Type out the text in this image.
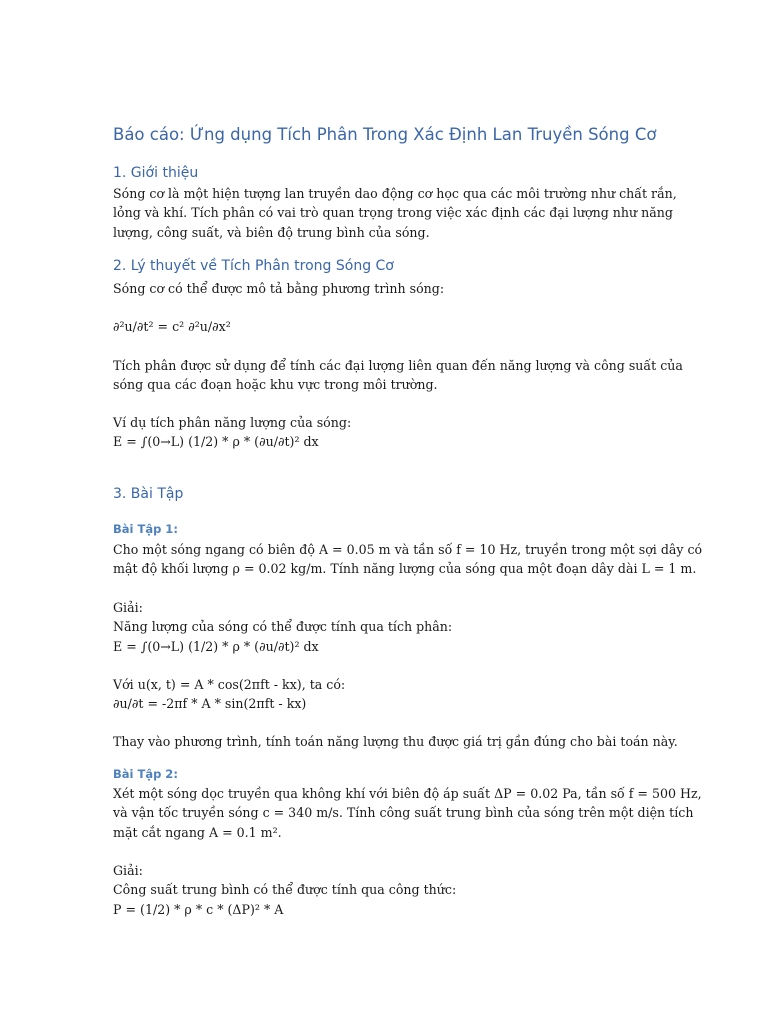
Báo cáo: Ứng dụng Tích Phân Trong Xác Định Lan Truyền Sóng Cơ
1. Giới thiệu
Sóng cơ là một hiện tượng lan truyền dao động cơ học qua các môi trường như chất rắn,
lỏng và khí. Tích phân có vai trò quan trọng trong việc xác định các đại lượng như năng
lượng, công suất, và biên độ trung bình của sóng.
2. Lý thuyết về Tích Phân trong Sóng Cơ
Sóng cơ có thể được mô tả bằng phương trình sóng:
∂²u/∂t² = c² ∂²u/∂x²
Tích phân được sử dụng để tính các đại lượng liên quan đến năng lượng và công suất của
sóng qua các đoạn hoặc khu vực trong môi trường.
Ví dụ tích phân năng lượng của sóng:
E = ∫(0→L) (1/2) * ρ * (∂u/∂t)² dx
3. Bài Tập
Bài Tập 1:
Cho một sóng ngang có biên độ A = 0.05 m và tần số f = 10 Hz, truyền trong một sợi dây có
mật độ khối lượng ρ = 0.02 kg/m. Tính năng lượng của sóng qua một đoạn dây dài L = 1 m.
Giải:
Năng lượng của sóng có thể được tính qua tích phân:
E = ∫(0→L) (1/2) * ρ * (∂u/∂t)² dx
Với u(x, t) = A * cos(2πft - kx), ta có:
∂u/∂t = -2πf * A * sin(2πft - kx)
Thay vào phương trình, tính toán năng lượng thu được giá trị gần đúng cho bài toán này.
Bài Tập 2:
Xét một sóng dọc truyền qua không khí với biên độ áp suất ΔP = 0.02 Pa, tần số f = 500 Hz,
và vận tốc truyền sóng c = 340 m/s. Tính công suất trung bình của sóng trên một diện tích
mặt cắt ngang A = 0.1 m².
Giải:
Công suất trung bình có thể được tính qua công thức:
P = (1/2) * ρ * c * (ΔP)² * A
